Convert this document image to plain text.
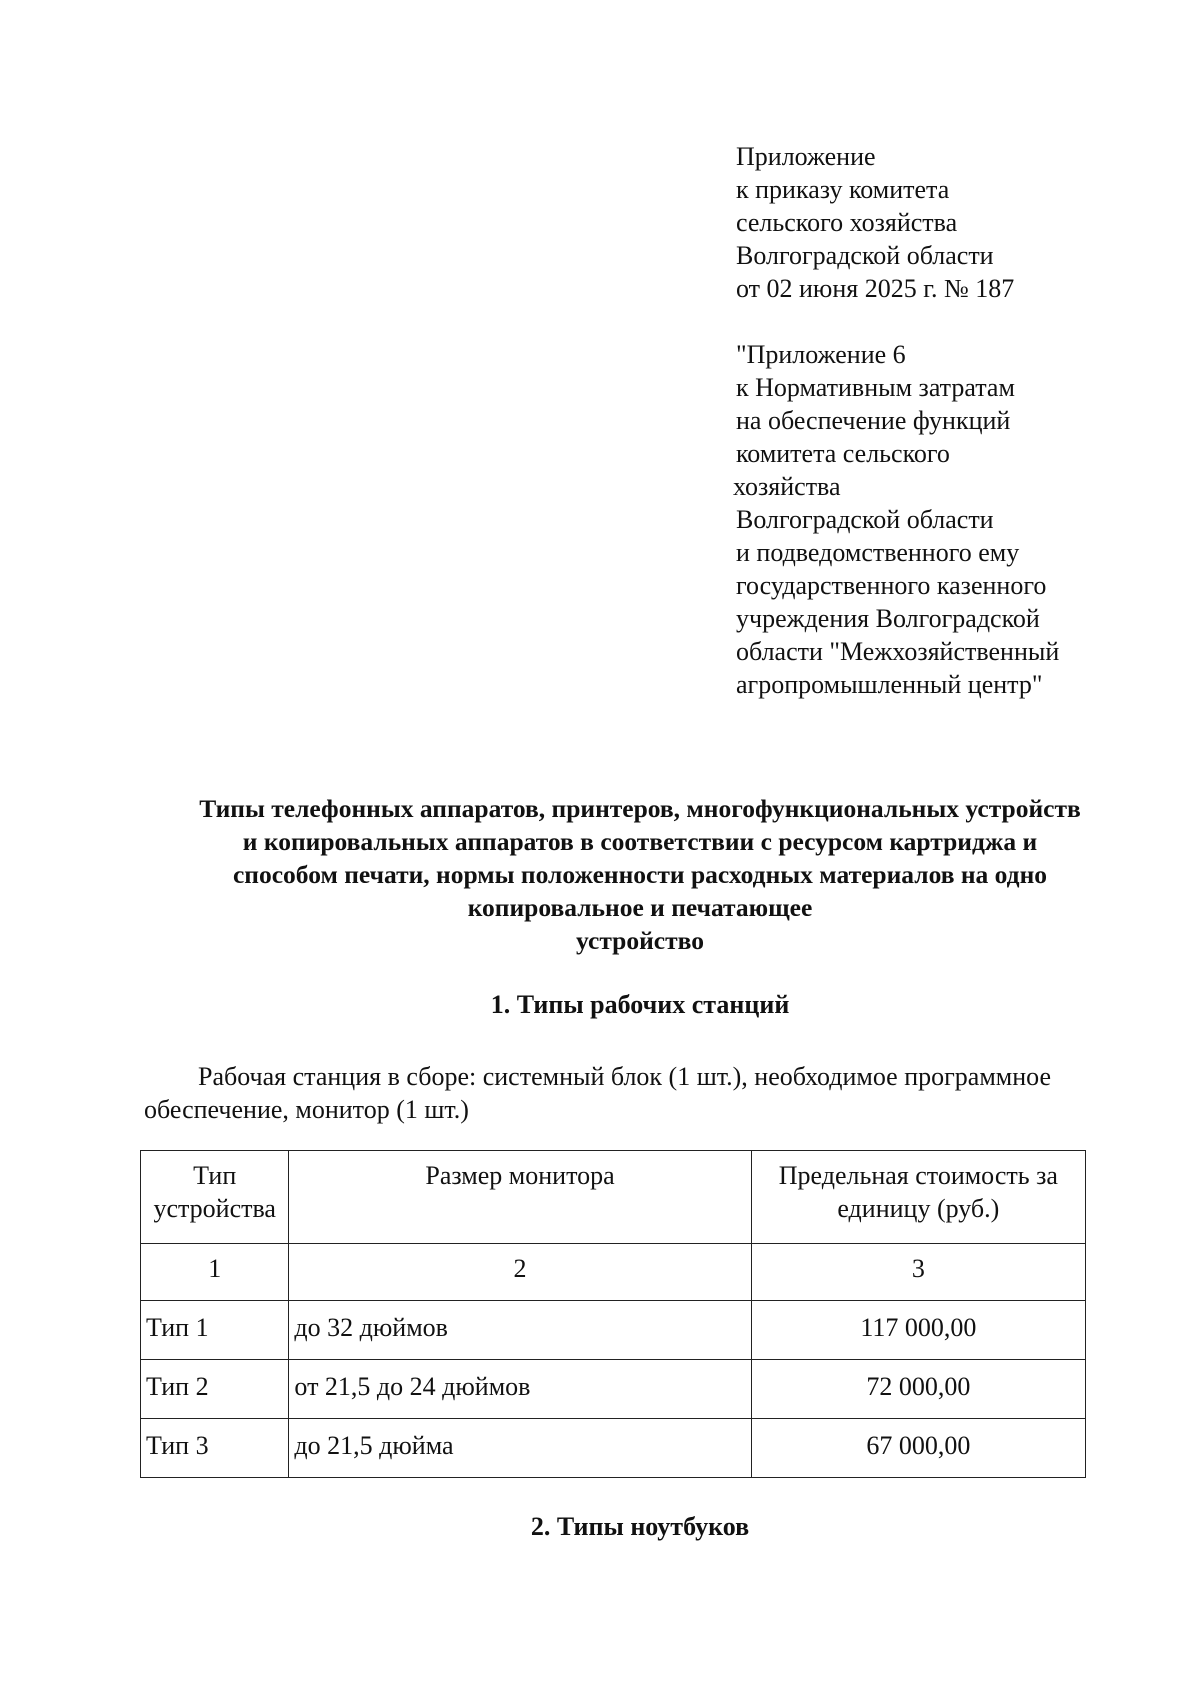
Приложение
к приказу комитета
сельского хозяйства
Волгоградской области
от 02 июня 2025 г. № 187
"Приложение 6
к Нормативным затратам
на обеспечение функций
комитета сельского
хозяйства
Волгоградской области
и подведомственного ему
государственного казенного
учреждения Волгоградской
области "Межхозяйственный
агропромышленный центр"
Типы телефонных аппаратов, принтеров, многофункциональных устройств
и копировальных аппаратов в соответствии с ресурсом картриджа и
способом печати, нормы положенности расходных материалов на одно
копировальное и печатающее
устройство
1. Типы рабочих станций
Рабочая станция в сборе: системный блок (1 шт.), необходимое программное
обеспечение, монитор (1 шт.)
Тип устройства	Размер монитора	Предельная стоимость за единицу (руб.)
1	2	3
Тип 1	до 32 дюймов	117 000,00
Тип 2	от 21,5 до 24 дюймов	72 000,00
Тип 3	до 21,5 дюйма	67 000,00
2. Типы ноутбуков
